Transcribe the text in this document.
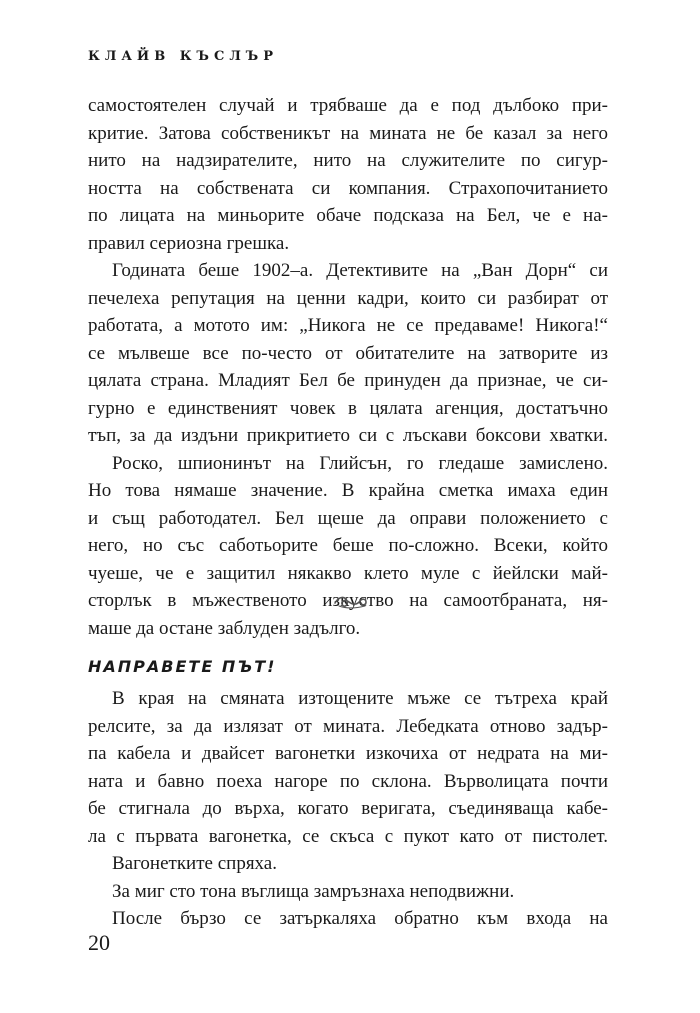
КЛАЙВ КЪСЛЪР
самостоятелен случай и трябваше да е под дълбоко при-
критие. Затова собственикът на мината не бе казал за него
нито на надзирателите, нито на служителите по сигур-
ността на собствената си компания. Страхопочитанието
по лицата на миньорите обаче подсказа на Бел, че е на-
правил сериозна грешка.
Годината беше 1902–а. Детективите на „Ван Дорн“ си
печелеха репутация на ценни кадри, които си разбират от
работата, а мотото им: „Никога не се предаваме! Никога!“
се мълвеше все по-често от обитателите на затворите из
цялата страна. Младият Бел бе принуден да признае, че си-
гурно е единственият човек в цялата агенция, достатъчно
тъп, за да издъни прикритието си с лъскави боксови хватки.
Роско, шпионинът на Глийсън, го гледаше замислено.
Но това нямаше значение. В крайна сметка имаха един
и същ работодател. Бел щеше да оправи положението с
него, но със саботьорите беше по-сложно. Всеки, който
чуеше, че е защитил някакво клето муле с йейлски май-
сторлък в мъжественото изкуство на самоотбраната, ня-
маше да остане заблуден задълго.
НАПРАВЕТЕ ПЪТ!
В края на смяната изтощените мъже се тътреха край
релсите, за да излязат от мината. Лебедката отново задър-
па кабела и двайсет вагонетки изкочиха от недрата на ми-
ната и бавно поеха нагоре по склона. Върволицата почти
бе стигнала до върха, когато веригата, съединяваща кабе-
ла с първата вагонетка, се скъса с пукот като от пистолет.
Вагонетките спряха.
За миг сто тона въглища замръзнаха неподвижни.
После бързо се затъркаляха обратно към входа на
20
